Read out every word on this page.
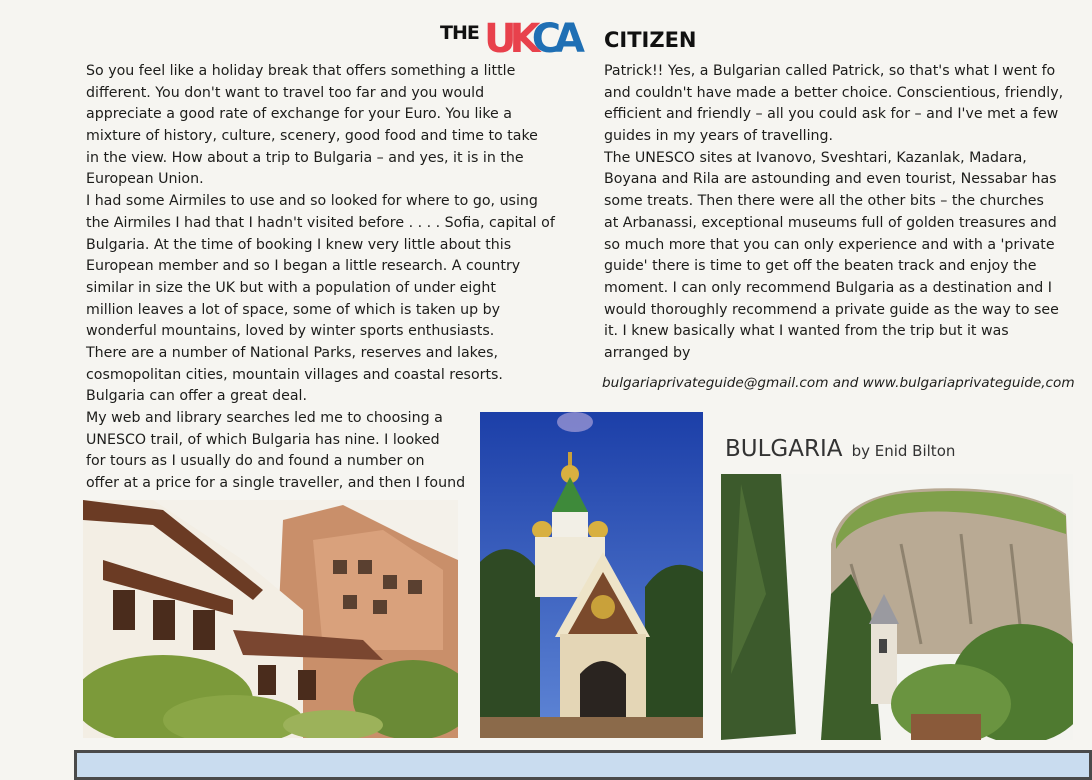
THE UKCA CITIZEN
So you feel like a holiday break that offers something a little
different. You don't want to travel too far and you would
appreciate a good rate of exchange for your Euro. You like a
mixture of history, culture, scenery, good food and time to take
in the view. How about a trip to Bulgaria – and yes, it is in the
European Union.
I had some Airmiles to use and so looked for where to go, using
the Airmiles I had that I hadn't visited before . . . . Sofia, capital of
Bulgaria. At the time of booking I knew very little about this
European member and so I began a little research. A country
similar in size the UK but with a population of under eight
million leaves a lot of space, some of which is taken up by
wonderful mountains, loved by winter sports enthusiasts.
There are a number of National Parks, reserves and lakes,
cosmopolitan cities, mountain villages and coastal resorts.
Bulgaria can offer a great deal.
My web and library searches led me to choosing a
UNESCO trail, of which Bulgaria has nine. I looked
for tours as I usually do and found a number on
offer at a price for a single traveller, and then I found
Patrick!! Yes, a Bulgarian called Patrick, so that's what I went fo
and couldn't have made a better choice. Conscientious, friendly,
efficient and friendly – all you could ask for – and I've met a few
guides in my years of travelling.
The UNESCO sites at Ivanovo, Sveshtari, Kazanlak, Madara,
Boyana and Rila are astounding and even tourist, Nessabar has
some treats. Then there were all the other bits – the churches
at Arbanassi, exceptional museums full of golden treasures and
so much more that you can only experience and with a 'private
guide' there is time to get off the beaten track and enjoy the
moment. I can only recommend Bulgaria as a destination and I
would thoroughly recommend a private guide as the way to see
it. I knew basically what I wanted from the trip but it was
arranged by
bulgariaprivateguide@gmail.com and www.bulgariaprivateguide,com
BULGARIA by Enid Bilton
